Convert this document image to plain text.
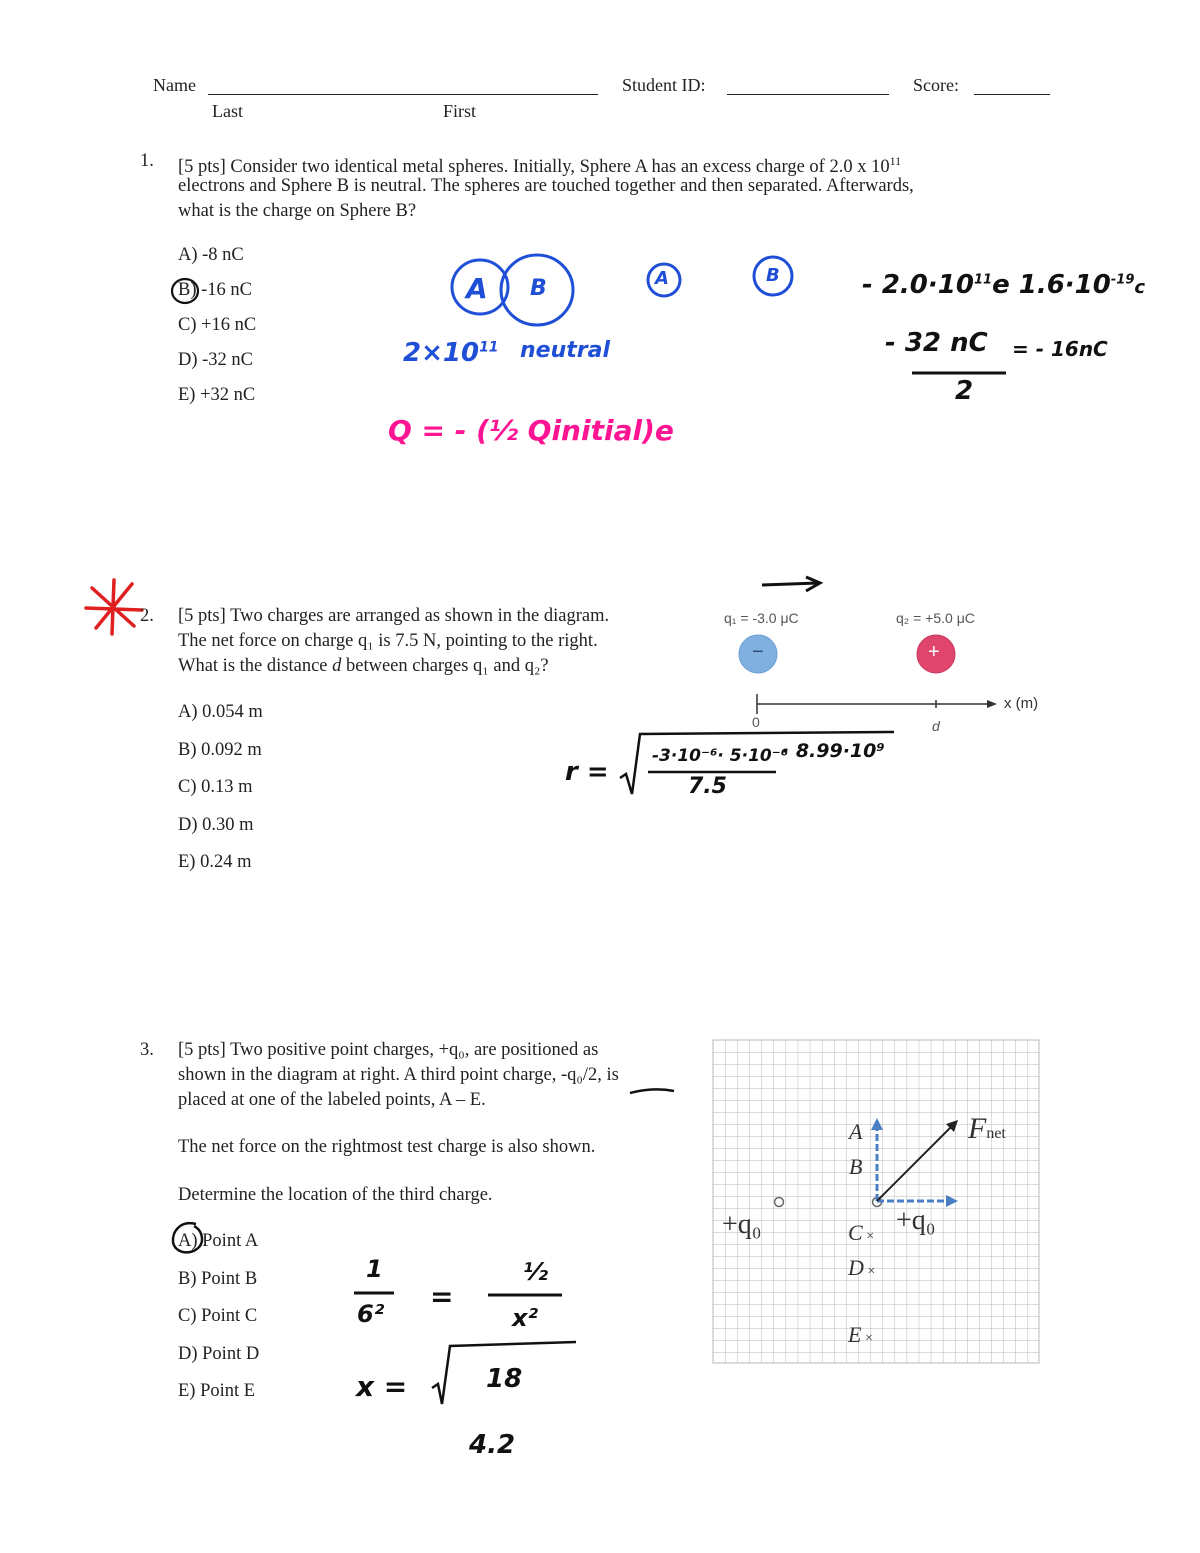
Name
Last	First
Student ID:	Score:
1. [5 pts] Consider two identical metal spheres. Initially, Sphere A has an excess charge of 2.0 x $10^{11}$
electrons and Sphere B is neutral. The spheres are touched together and then separated. Afterwards,
what is the charge on Sphere B?
A) -8 nC
B) -16 nC
C) +16 nC
D) -32 nC
E) +32 nC
A B	A	B
$2\times 10^{11}$ neutral
Q = - (½ Qinitial)e
- $2.0\cdot 10^{11}e$ $1.6\cdot 10^{-19}c$
- 32 nC
2
= - 16nC
2. [5 pts] Two charges are arranged as shown in the diagram.
The net force on charge q₁ is 7.5 N, pointing to the right.
What is the distance d between charges q₁ and q₂?
A) 0.054 m
B) 0.092 m
C) 0.13 m
D) 0.30 m
E) 0.24 m
q₁ = -3.0 μC	q₂ = +5.0 μC
−	+
0	d
x (m)
r =
-3·10⁻⁶· 5·10⁻⁶
7.5
· 8.99·10⁹
3. [5 pts] Two positive point charges, +q₀, are positioned as
shown in the diagram at right. A third point charge, -q₀/2, is
placed at one of the labeled points, A – E.
The net force on the rightmost test charge is also shown.
Determine the location of the third charge.
A) Point A
B) Point B
C) Point C
D) Point D
E) Point E
1
6²
=
½
x²
x =	18
4.2
A
B
C ×
D ×
E ×
+q₀	+q₀
Fnet
